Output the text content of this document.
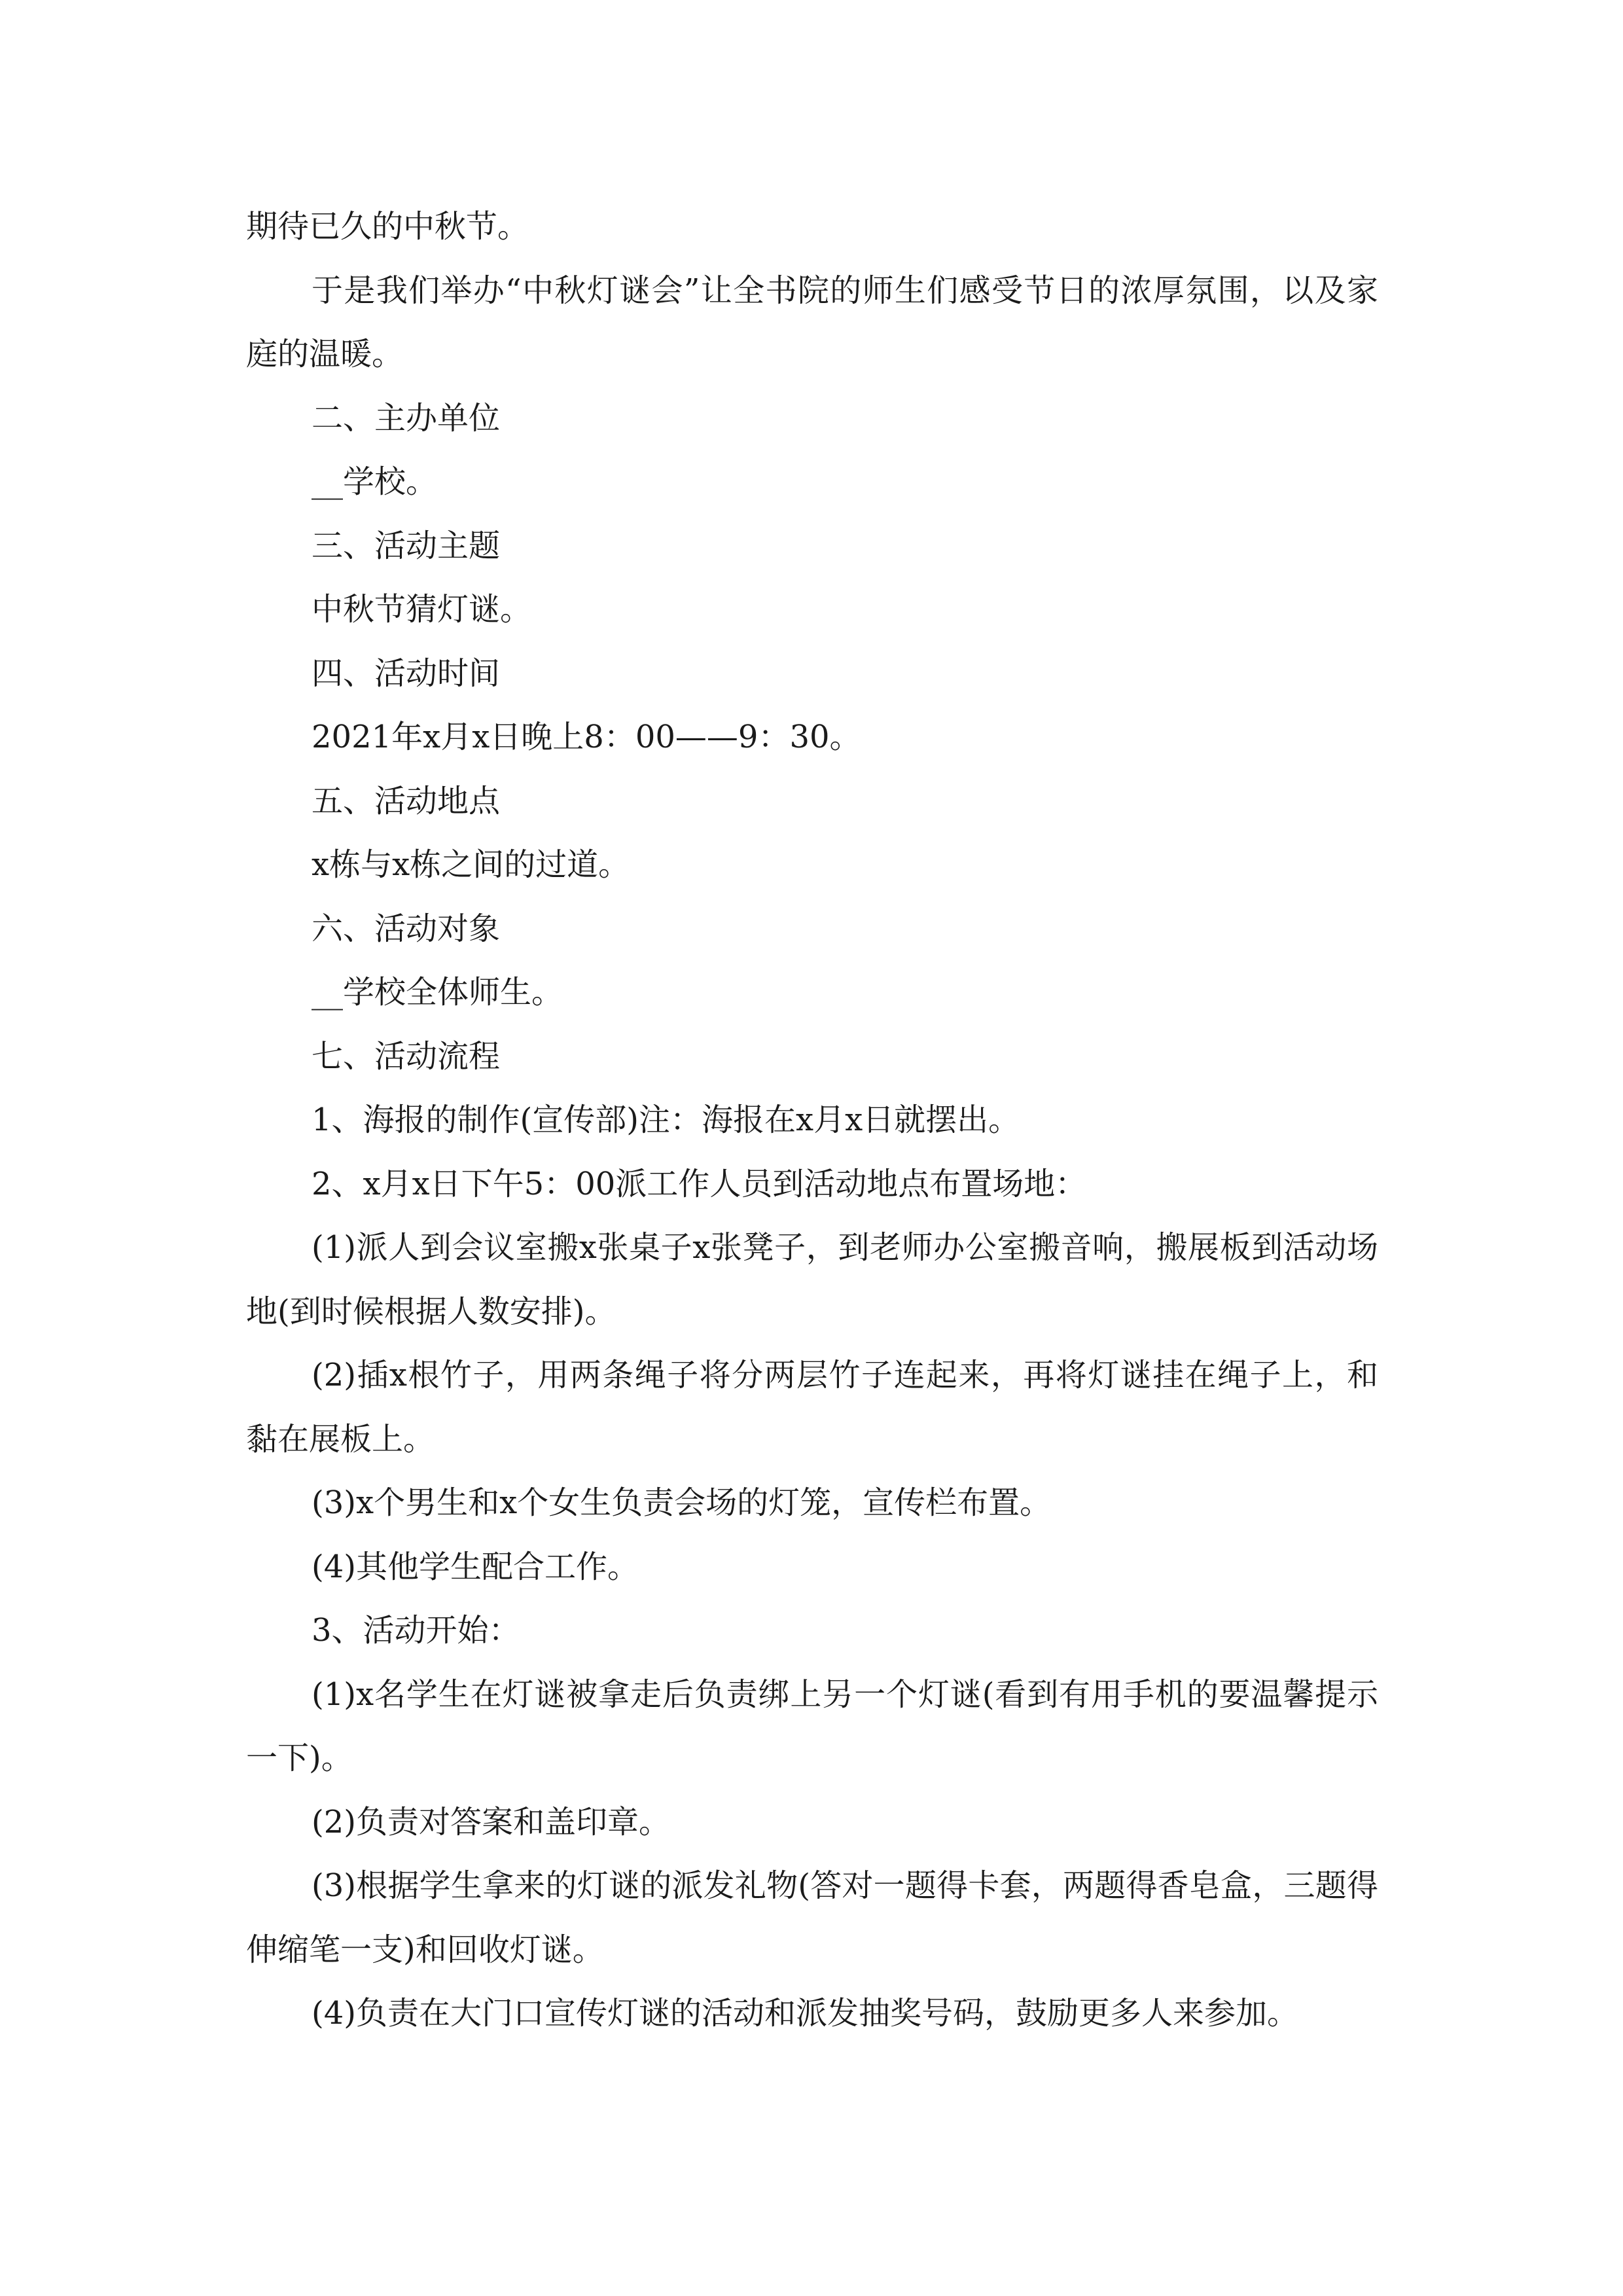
期待已久的中秋节。

于是我们举办“中秋灯谜会”让全书院的师生们感受节日的浓厚氛围，以及家庭的温暖。

二、主办单位

__学校。

三、活动主题

中秋节猜灯谜。

四、活动时间

2021年x月x日晚上8：00——9：30。

五、活动地点

x栋与x栋之间的过道。

六、活动对象

__学校全体师生。

七、活动流程

1、海报的制作(宣传部)注：海报在x月x日就摆出。

2、x月x日下午5：00派工作人员到活动地点布置场地：

(1)派人到会议室搬x张桌子x张凳子，到老师办公室搬音响，搬展板到活动场地(到时候根据人数安排)。

(2)插x根竹子，用两条绳子将分两层竹子连起来，再将灯谜挂在绳子上，和黏在展板上。

(3)x个男生和x个女生负责会场的灯笼，宣传栏布置。

(4)其他学生配合工作。

3、活动开始：

(1)x名学生在灯谜被拿走后负责绑上另一个灯谜(看到有用手机的要温馨提示一下)。

(2)负责对答案和盖印章。

(3)根据学生拿来的灯谜的派发礼物(答对一题得卡套，两题得香皂盒，三题得伸缩笔一支)和回收灯谜。

(4)负责在大门口宣传灯谜的活动和派发抽奖号码，鼓励更多人来参加。
